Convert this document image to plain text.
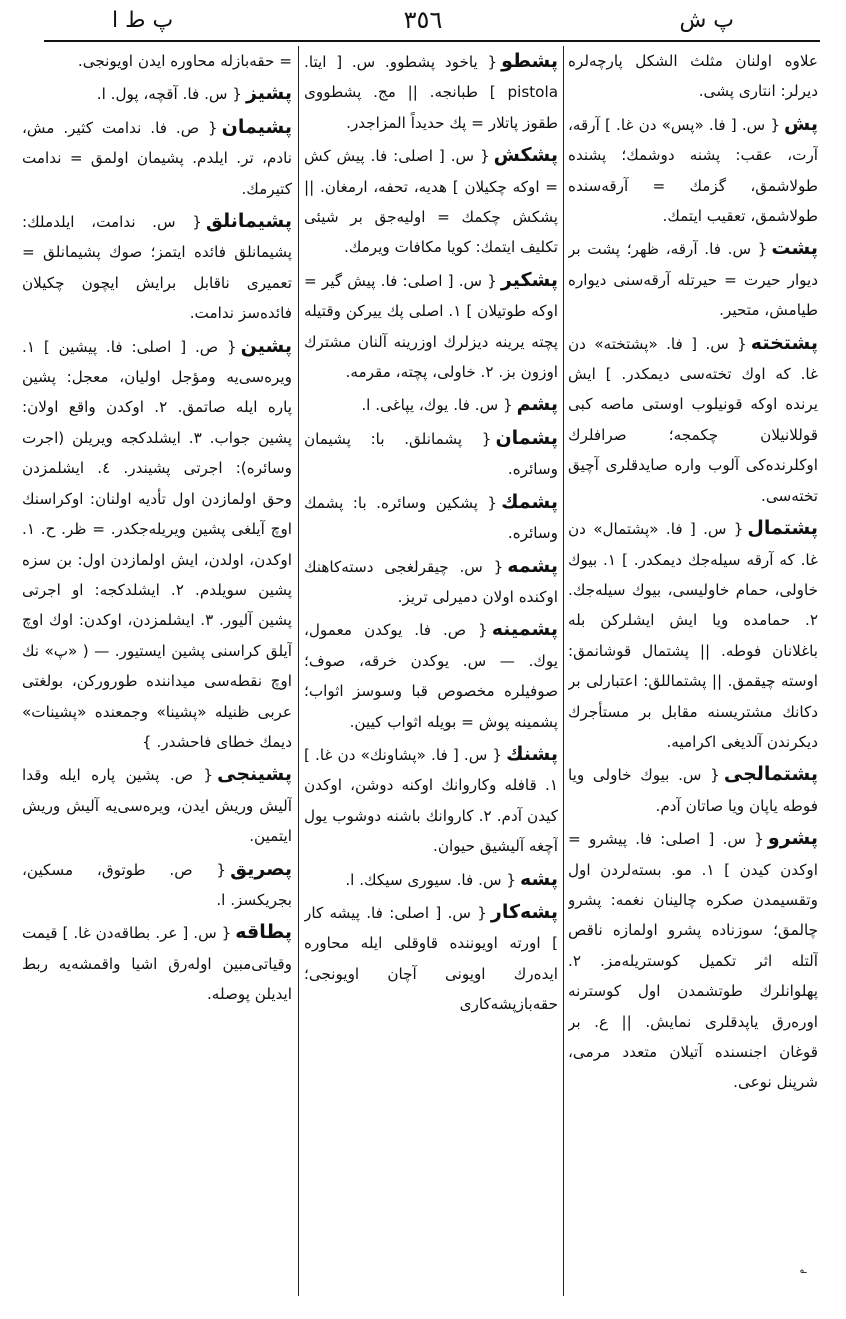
پ ش
٣٥٦
پ ط ا
علاوه اولنان مثلث الشكل پارچه‌لره دیرلر: انتاری پشی.
پش{ س. [ فا. «پس» دن غا. ] آرقه، آرت، عقب: پشنه دوشمك؛ پشنده طولاشمق، گزمك = آرقه‌سنده طولاشمق، تعقیب ایتمك.
پشت{ س. فا. آرقه، ظهر؛ پشت بر دیوار حیرت = حیرتله آرقه‌سنی دیواره طیامش، متحیر.
پشتخته{ س. [ فا. «پشتخته» دن غا. كه اوك تخته‌سی دیمكدر. ] ایش یرنده اوكه قونیلوب اوستی ماصه كبی قوللانیلان چكمجه؛ صرافلرك اوكلرنده‌كی آلوب‌ واره صایدقلری آچیق تخته‌سی.
پشتمال{ س. [ فا. «پشتمال» دن غا. كه آرقه سیله‌جك دیمكدر. ] ١. بیوك خاولی، حمام خاولیسی، بیوك سیله‌جك. ٢. حمامده ویا ایش ایشلركن بله باغلانان فوطه. || پشتمال قوشانمق: اوسته چیقمق. || پشتماللق: اعتبارلی بر دكانك مشتریسنه مقابل بر مستأجرك دیكرندن آلدیغی اكرامیه.
پشتمالجی{ س. بیوك خاولی ویا فوطه یاپان ویا صاتان آدم.
پشرو{ س. [ اصلی: فا. پیشرو = اوكدن كیدن ] ١. مو. بسته‌لردن اول وتقسیمدن صكره چالینان نغمه: پشرو چالمق؛ سوزناده پشرو اولمازه ناقص آلتله اثر تكمیل كوستریله‌مز. ٢. پهلوانلرك طوتشمدن اول كوسترنه اوره‌رق یاپدقلری نمایش. || ع. بر قوغان اجنسنده آتیلان متعدد مرمی، شرپنل نوعی.
پشطو{ یاخود پشطوو. س. [ ایتا. pistola ] طبانجه. || مج. پشطووی طقوز پاتلار = پك حدیداً المزاجدر.
پشكش{ س. [ اصلی: فا. پیش كش = اوكه چكیلان ] هدیه، تحفه، ارمغان. || پشكش چكمك = اولیه‌جق بر شیئی تكلیف ایتمك: كویا مكافات ویرمك.
پشكیر{ س. [ اصلی: فا. پیش گیر = اوكه طوتیلان ] ١. اصلی پك ییركن وقتیله پچته یرینه دیزلرك اوزرینه آلنان مشترك اوزون بز. ٢. خاولی، پچته، مقرمه.
پشم{ س. فا. یوك، یپاغی. ا.
پشمان{ پشمانلق. با: پشیمان وسائره.
پشمك{ پشكین وسائره. با: پشمك وسائره.
پشمه{ س. چیقرلغجی دسته‌كاهنك اوكنده اولان دمیرلی تریز.
پشمینه{ ص. فا. یوكدن معمول، یوك. — س. یوكدن خرقه، صوف؛ صوفیلره مخصوص قبا وسوسز اثواب؛ پشمینه پوش = بویله اثواب كیین.
پشنك{ س. [ فا. «پشاونك» دن غا. ] ١. قافله وكاروانك اوكنه دوشن، اوكدن كیدن آدم. ٢. كاروانك باشنه دوشوب یول آچغه آلیشیق حیوان.
پشه{ س. فا. سیوری سیكك. ا.
پشه‌كار{ س. [ اصلی: فا. پیشه كار ] اورته اویوننده قاوقلی ایله محاوره ایده‌رك اویونی آچان اویونجی؛ حقه‌بازپشه‌كاری
= حقه‌بازله محاوره ایدن اویونجی.
پشیز{ س. فا. آقچه، پول. ا.
پشیمان{ ص. فا. ندامت كثیر. مش، نادم، تر. ایلدم. پشیمان اولمق = ندامت كتیرمك.
پشیمانلق{ س. ندامت، ایلدملك: پشیمانلق فائده ایتمز؛ صوك پشیمانلق = تعمیری ناقابل برایش ایچون چكیلان فائده‌سز ندامت.
پشین{ ص. [ اصلی: فا. پیشین ] ١. ویره‌سی‌یه ومؤجل اولیان، معجل: پشین پاره ایله صاتمق. ٢. اوكدن واقع اولان: پشین جواب. ٣. ایشلدكجه‌ ویریلن (اجرت وسائره): اجرتی پشیندر. ٤. ایشلمزدن وحق اولمازدن اول تأدیه اولنان: اوكراسنك اوچ آیلغی پشین ویریله‌جكدر. = ظر. ح. ١. اوكدن، اولدن، ایش اولمازدن اول: بن سزه پشین سویلدم. ٢. ایشلدكجه: او اجرتی پشین آلیور. ٣. ایشلمزدن، اوكدن: اوك اوچ آیلق كراسنی پشین ایستیور. — ( «پ» نك اوچ نقطه‌سی میداننده طورورکن، بولغتی عربی ظنیله «پشینا» وجمعنده «پشینات» دیمك خطای فاحشدر. }
پشینجی{ ص. پشین پاره ایله وقدا آلیش وریش ایدن، ویره‌سی‌یه آلیش وریش ایتمین.
پصریق{ ص. طوتوق، مسكین، بجریكسز. ا.
پطاقه{ س. [ عر. بطاقه‌دن غا. ] قیمت وقیاتی‌مبین اوله‌رق اشیا واقمشه‌یه ربط ایدیلن پوصله.
؎
